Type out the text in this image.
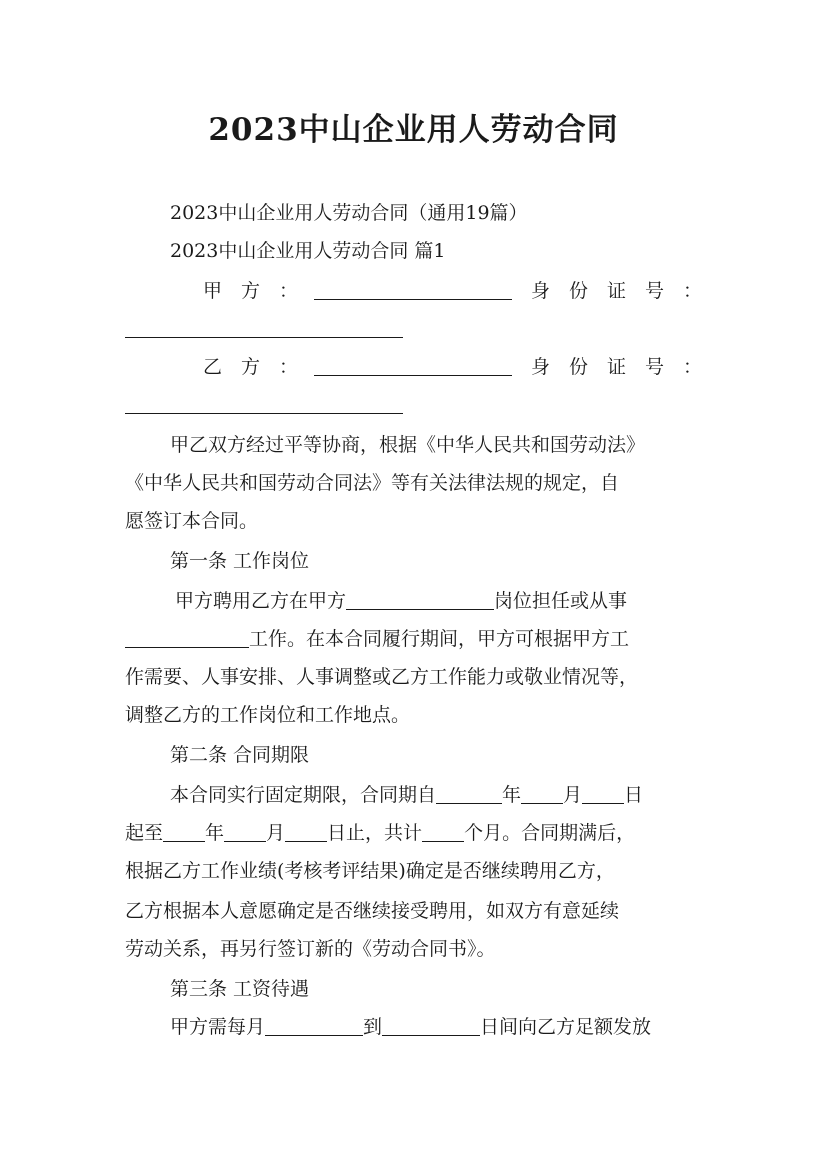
2023中山企业用人劳动合同
2023中山企业用人劳动合同（通用19篇）
2023中山企业用人劳动合同 篇1
甲　方　：	身　份　证　号　：
乙　方　：	身　份　证　号　：
甲乙双方经过平等协商，根据《中华人民共和国劳动法》
《中华人民共和国劳动合同法》等有关法律法规的规定，自
愿签订本合同。
第一条 工作岗位
甲方聘用乙方在甲方	岗位担任或从事
工作。在本合同履行期间，甲方可根据甲方工
作需要、人事安排、人事调整或乙方工作能力或敬业情况等，
调整乙方的工作岗位和工作地点。
第二条 合同期限
本合同实行固定期限，合同期自	年 月 日
起至 年 月 日止，共计 个月。合同期满后，
根据乙方工作业绩(考核考评结果)确定是否继续聘用乙方，
乙方根据本人意愿确定是否继续接受聘用，如双方有意延续
劳动关系，再另行签订新的《劳动合同书》。
第三条 工资待遇
甲方需每月	到	日间向乙方足额发放
